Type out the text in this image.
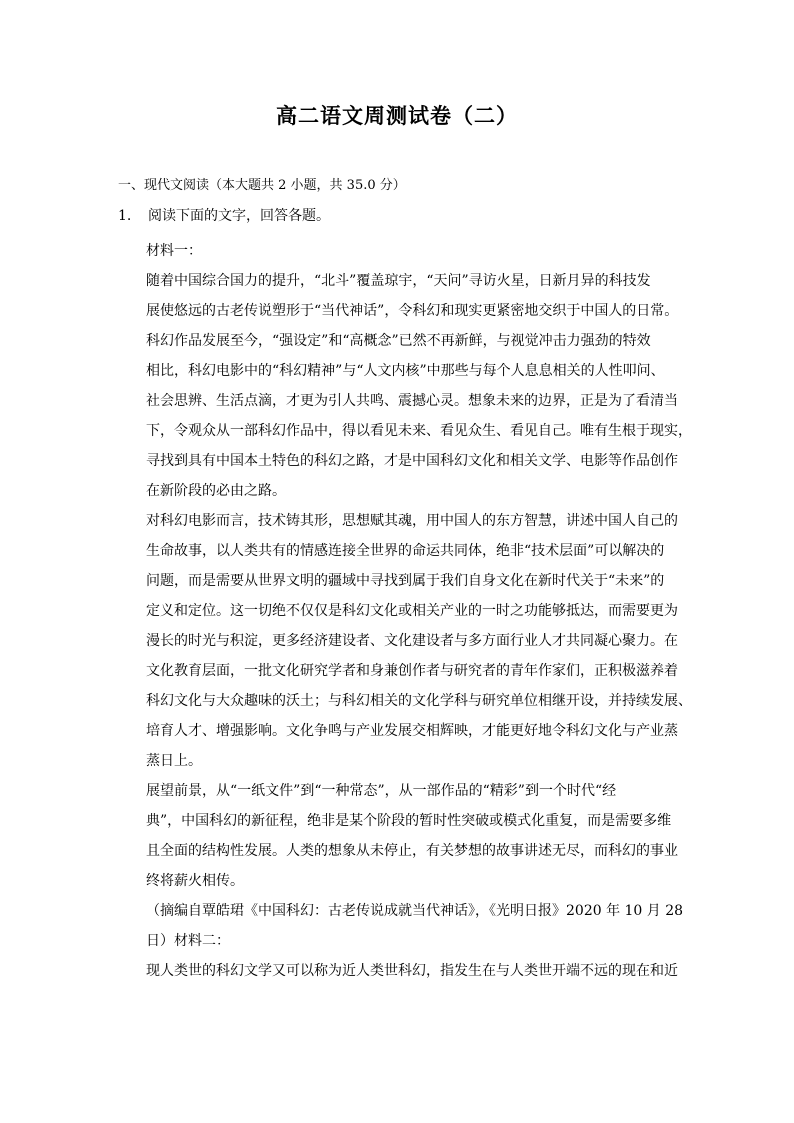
高二语文周测试卷（二）
一、现代文阅读（本大题共 2 小题，共 35.0 分）
1. 阅读下面的文字，回答各题。
材料一：
随着中国综合国力的提升，“北斗”覆盖琼宇，“天问”寻访火星，日新月异的科技发
展使悠远的古老传说塑形于“当代神话”，令科幻和现实更紧密地交织于中国人的日常。
科幻作品发展至今，“强设定”和“高概念”已然不再新鲜，与视觉冲击力强劲的特效
相比，科幻电影中的“科幻精神”与“人文内核”中那些与每个人息息相关的人性叩问、
社会思辨、生活点滴，才更为引人共鸣、震撼心灵。想象未来的边界，正是为了看清当
下，令观众从一部科幻作品中，得以看见未来、看见众生、看见自己。唯有生根于现实，
寻找到具有中国本土特色的科幻之路，才是中国科幻文化和相关文学、电影等作品创作
在新阶段的必由之路。
对科幻电影而言，技术铸其形，思想赋其魂，用中国人的东方智慧，讲述中国人自己的
生命故事，以人类共有的情感连接全世界的命运共同体，绝非“技术层面”可以解决的
问题，而是需要从世界文明的疆域中寻找到属于我们自身文化在新时代关于“未来”的
定义和定位。这一切绝不仅仅是科幻文化或相关产业的一时之功能够抵达，而需要更为
漫长的时光与积淀，更多经济建设者、文化建设者与多方面行业人才共同凝心聚力。在
文化教育层面，一批文化研究学者和身兼创作者与研究者的青年作家们，正积极滋养着
科幻文化与大众趣味的沃土；与科幻相关的文化学科与研究单位相继开设，并持续发展、
培育人才、增强影响。文化争鸣与产业发展交相辉映，才能更好地令科幻文化与产业蒸
蒸日上。
展望前景，从“一纸文件”到“一种常态”，从一部作品的“精彩”到一个时代“经
典”，中国科幻的新征程，绝非是某个阶段的暂时性突破或模式化重复，而是需要多维
且全面的结构性发展。人类的想象从未停止，有关梦想的故事讲述无尽，而科幻的事业
终将薪火相传。
（摘编自覃皓珺《中国科幻：古老传说成就当代神话》，《光明日报》2020 年 10 月 28
日）材料二：
现人类世的科幻文学又可以称为近人类世科幻，指发生在与人类世开端不远的现在和近
